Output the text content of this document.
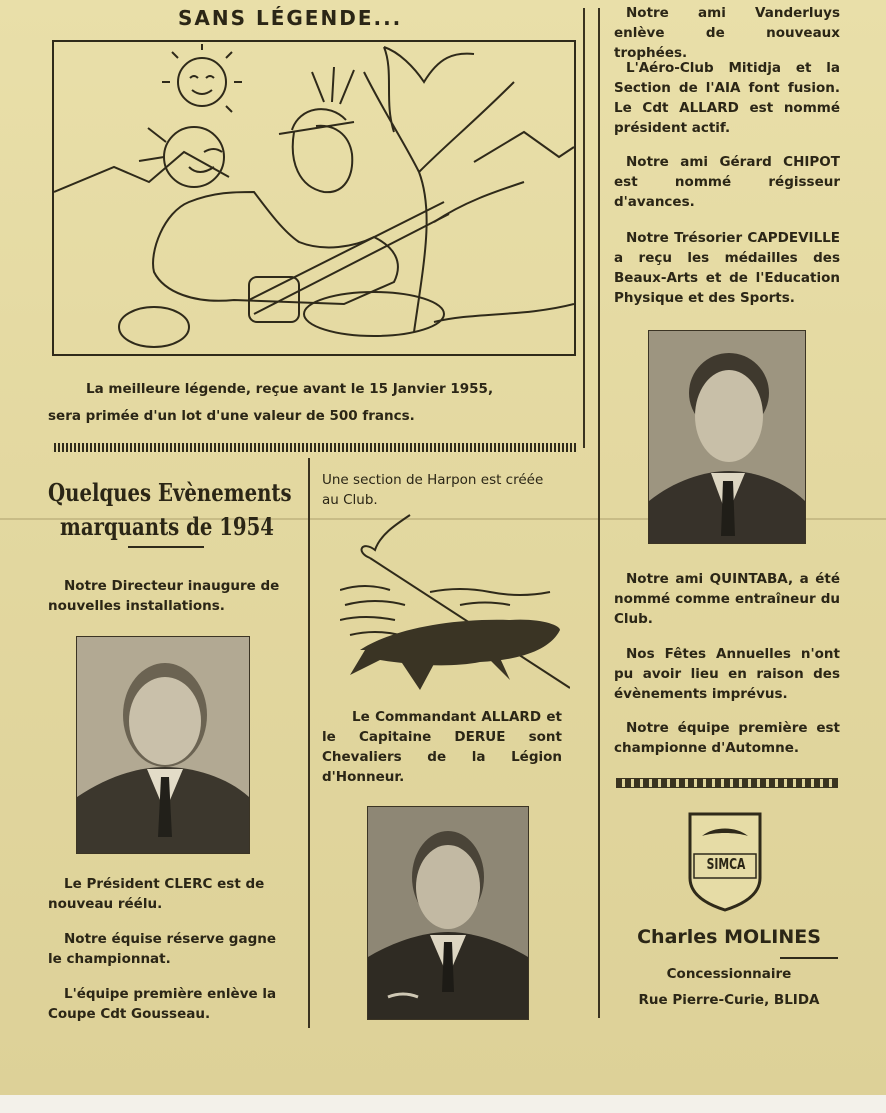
SANS LÉGENDE...
La meilleure légende, reçue avant le 15 Janvier 1955,
sera primée d'un lot d'une valeur de 500 francs.
Quelques Evènements
marquants de 1954
Notre Directeur inaugure de nouvelles installations.
Le Président CLERC est de nouveau réélu.
Notre équise réserve gagne le championnat.
L'équipe première enlève la Coupe Cdt Gousseau.
Une section de Harpon est créée au Club.
Le Commandant ALLARD et le Capitaine DERUE sont Chevaliers de la Légion d'Honneur.
Notre ami Vanderluys enlève de nouveaux trophées.
L'Aéro-Club Mitidja et la Section de l'AIA font fusion. Le Cdt ALLARD est nommé président actif.
Notre ami Gérard CHIPOT est nommé régisseur d'avances.
Notre Trésorier CAPDEVILLE a reçu les médailles des Beaux-Arts et de l'Education Physique et des Sports.
Notre ami QUINTABA, a été nommé comme entraîneur du Club.
Nos Fêtes Annuelles n'ont pu avoir lieu en raison des évènements imprévus.
Notre équipe première est championne d'Automne.
SIMCA
Charles MOLINES
Concessionnaire
Rue Pierre-Curie, BLIDA
